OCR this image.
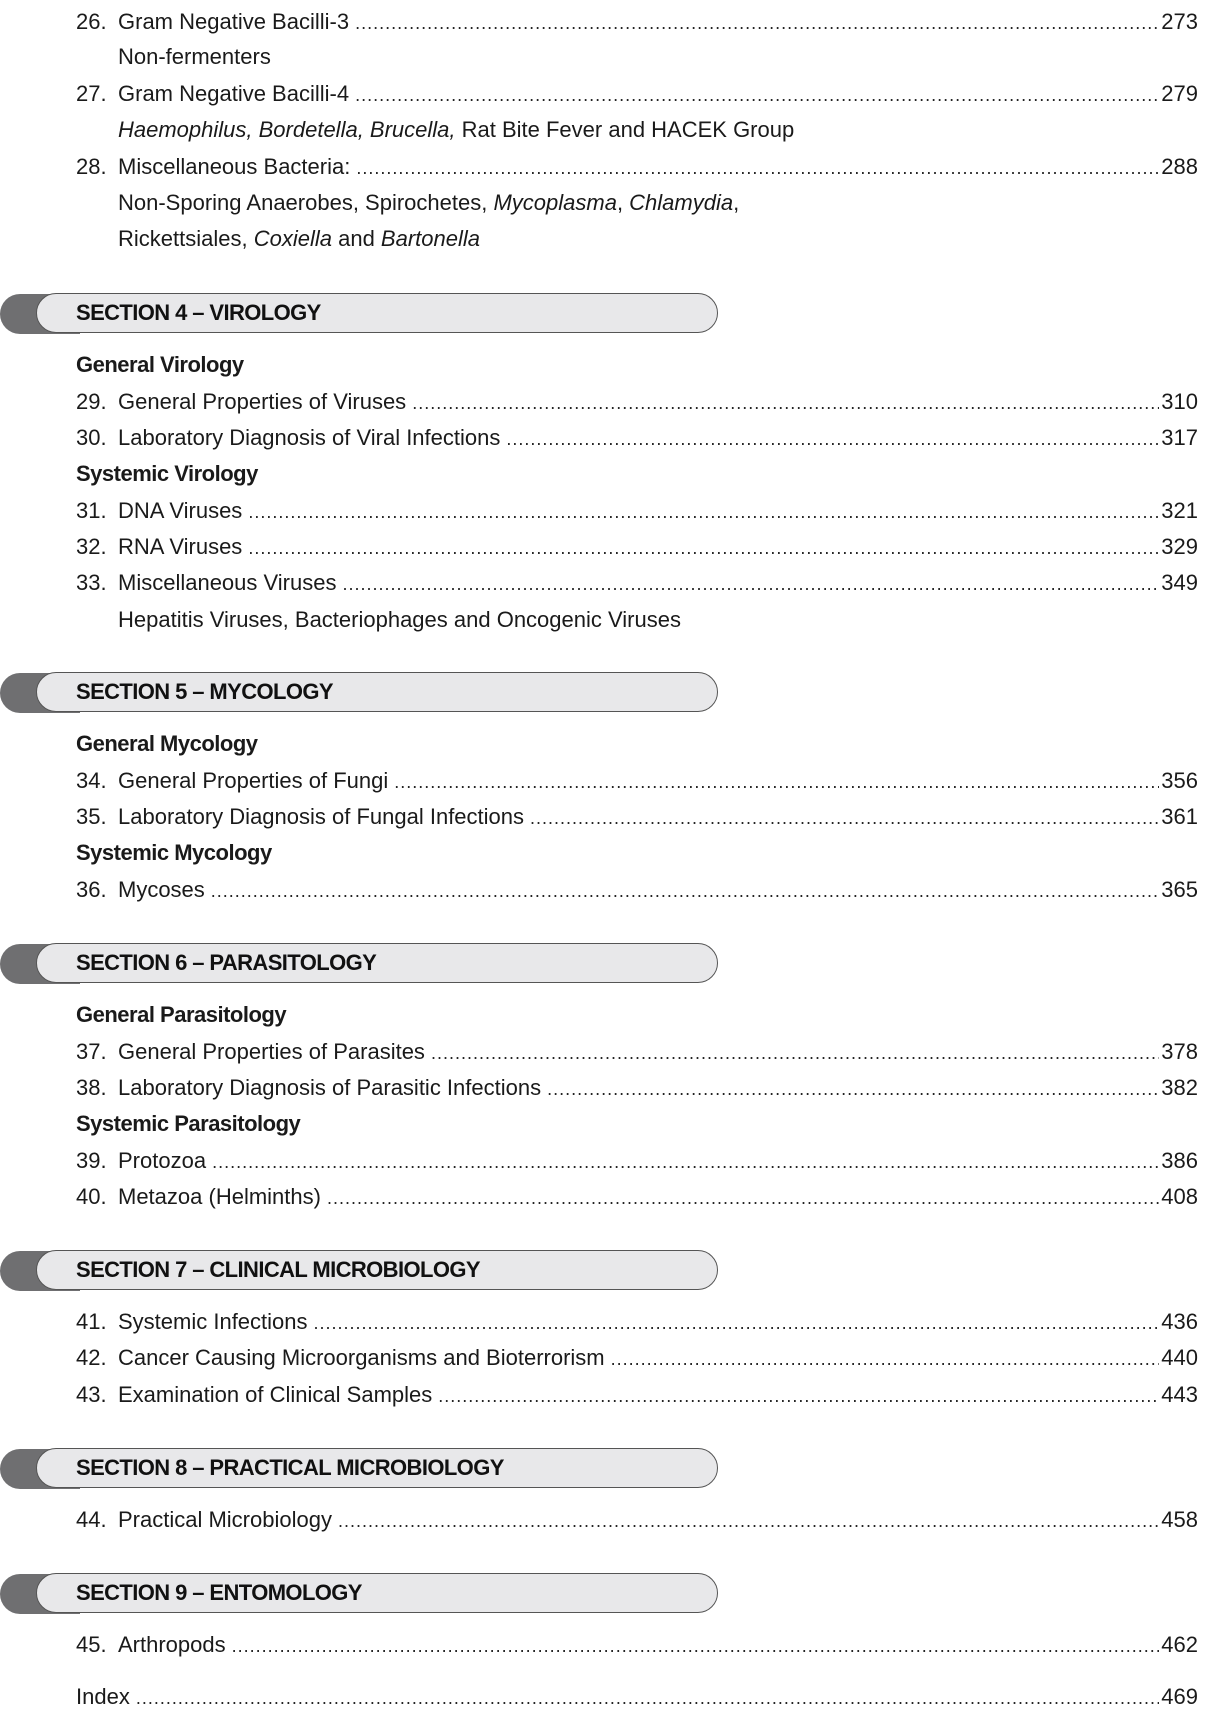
26. Gram Negative Bacilli-3 .....	273
Non-fermenters
27. Gram Negative Bacilli-4 .....	279
Haemophilus, Bordetella, Brucella, Rat Bite Fever and HACEK Group
28. Miscellaneous Bacteria: .....	288
Non-Sporing Anaerobes, Spirochetes, Mycoplasma, Chlamydia,
Rickettsiales, Coxiella and Bartonella
SECTION 4 – VIROLOGY
General Virology
29. General Properties of Viruses .....	310
30. Laboratory Diagnosis of Viral Infections .....	317
Systemic Virology
31. DNA Viruses .....	321
32. RNA Viruses .....	329
33. Miscellaneous Viruses .....	349
Hepatitis Viruses, Bacteriophages and Oncogenic Viruses
SECTION 5 – MYCOLOGY
General Mycology
34. General Properties of Fungi .....	356
35. Laboratory Diagnosis of Fungal Infections .....	361
Systemic Mycology
36. Mycoses .....	365
SECTION 6 – PARASITOLOGY
General Parasitology
37. General Properties of Parasites .....	378
38. Laboratory Diagnosis of Parasitic Infections .....	382
Systemic Parasitology
39. Protozoa .....	386
40. Metazoa (Helminths) .....	408
SECTION 7 – CLINICAL MICROBIOLOGY
41. Systemic Infections .....	436
42. Cancer Causing Microorganisms and Bioterrorism .....	440
43. Examination of Clinical Samples .....	443
SECTION 8 – PRACTICAL MICROBIOLOGY
44. Practical Microbiology .....	458
SECTION 9 – ENTOMOLOGY
45. Arthropods .....	462
Index .....	469
